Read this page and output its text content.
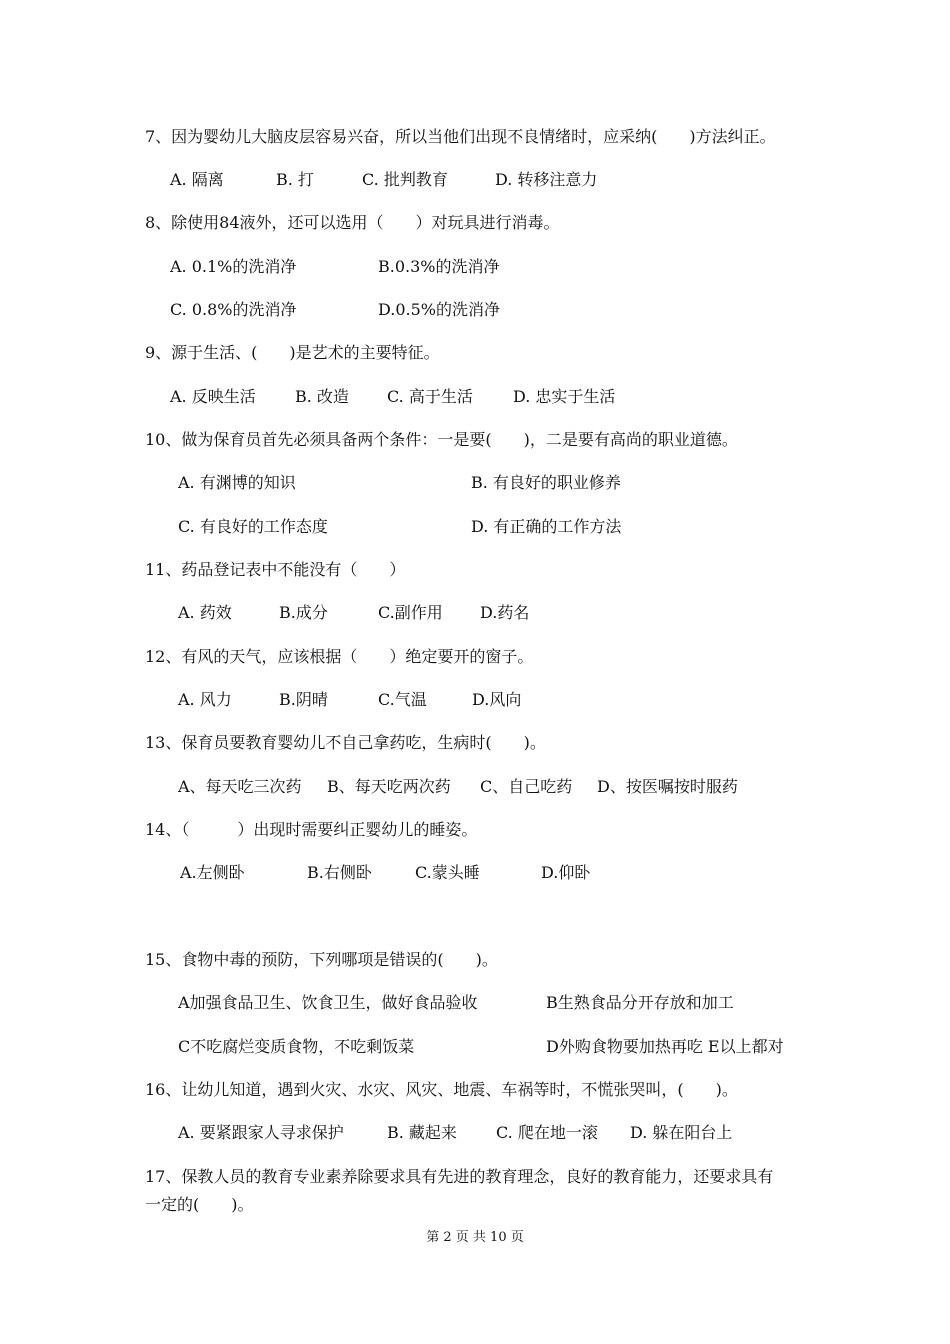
7、因为婴幼儿大脑皮层容易兴奋，所以当他们出现不良情绪时，应采纳(　　)方法纠正。
A. 隔离	B. 打	C. 批判教育	D. 转移注意力
8、除使用84液外，还可以选用（　　）对玩具进行消毒。
A. 0.1%的洗消净	B.0.3%的洗消净
C. 0.8%的洗消净	D.0.5%的洗消净
9、源于生活、(　　)是艺术的主要特征。
A. 反映生活 B. 改造 C. 高于生活	D. 忠实于生活
10、做为保育员首先必须具备两个条件：一是要(　　)，二是要有高尚的职业道德。
A. 有渊博的知识	B. 有良好的职业修养
C. 有良好的工作态度	D. 有正确的工作方法
11、药品登记表中不能没有（　　）
A. 药效	B.成分	C.副作用 D.药名
12、有风的天气，应该根据（　　）绝定要开的窗子。
A. 风力	B.阴晴	C.气温	D.风向
13、保育员要教育婴幼儿不自己拿药吃，生病时(　　)。
A、每天吃三次药 B、每天吃两次药 C、自己吃药 D、按医嘱按时服药
14、（　　　）出现时需要纠正婴幼儿的睡姿。
A.左侧卧	B.右侧卧	C.蒙头睡	D.仰卧
15、食物中毒的预防，下列哪项是错误的(　　)。
A加强食品卫生、饮食卫生，做好食品验收	B生熟食品分开存放和加工
C不吃腐烂变质食物，不吃剩饭菜	D外购食物要加热再吃 E以上都对
16、让幼儿知道，遇到火灾、水灾、风灾、地震、车祸等时，不慌张哭叫，(　　)。
A. 要紧跟家人寻求保护	B. 藏起来 C. 爬在地一滚 D. 躲在阳台上
17、保教人员的教育专业素养除要求具有先进的教育理念，良好的教育能力，还要求具有
一定的(　　)。
第 2 页 共 10 页
